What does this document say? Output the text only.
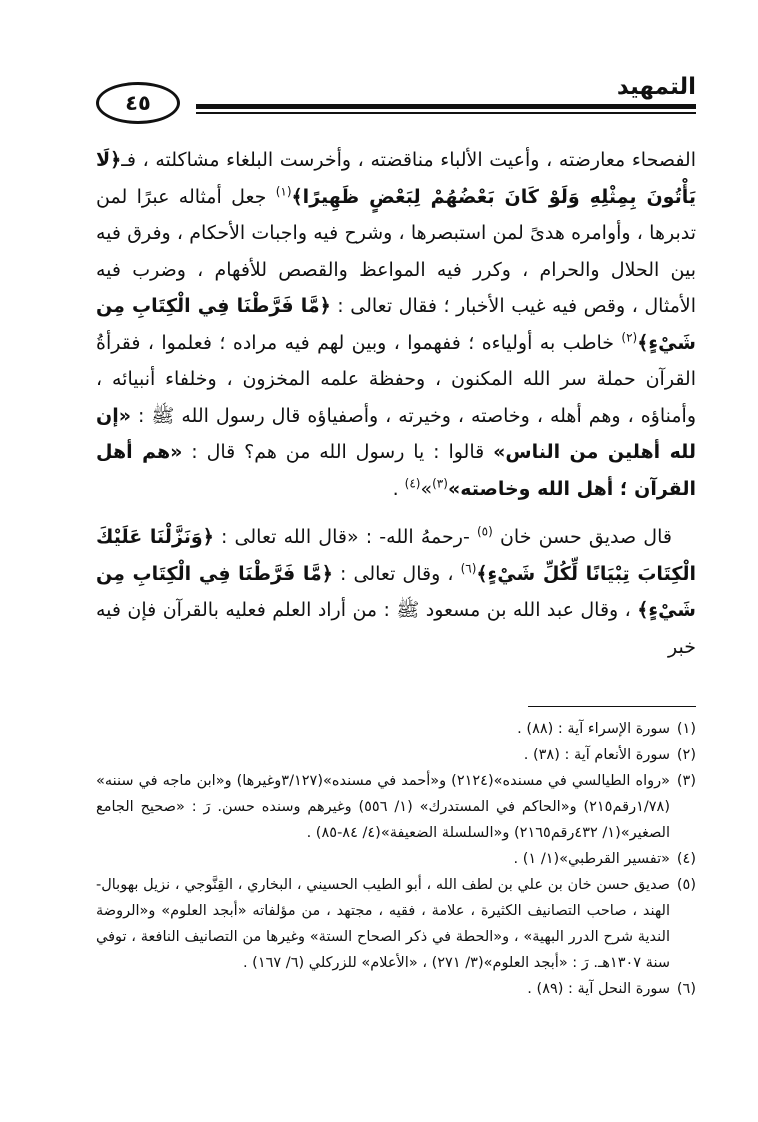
التمهيد
٤٥

الفصحاء معارضته ، وأعيت الألباء مناقضته ، وأخرست البلغاء مشاكلته ، فـ﴿لَا يَأْتُونَ بِمِثْلِهِ وَلَوْ كَانَ بَعْضُهُمْ لِبَعْضٍ ظَهِيرًا﴾$^{(١)}$ جعل أمثاله عبرًا لمن تدبرها ، وأوامره هدىً لمن استبصرها ، وشرح فيه واجبات الأحكام ، وفرق فيه بين الحلال والحرام ، وكرر فيه المواعظ والقصص للأفهام ، وضرب فيه الأمثال ، وقص فيه غيب الأخبار ؛ فقال تعالى : ﴿مَّا فَرَّطْنَا فِي الْكِتَابِ مِن شَيْءٍ﴾$^{(٢)}$ خاطب به أولياءه ؛ ففهموا ، وبين لهم فيه مراده ؛ فعلموا ، فقرأةُ القرآن حملة سر الله المكنون ، وحفظة علمه المخزون ، وخلفاء أنبيائه ، وأمناؤه ، وهم أهله ، وخاصته ، وخيرته ، وأصفياؤه قال رسول الله ﷺ : «إن لله أهلين من الناس» قالوا : يا رسول الله من هم؟ قال : «هم أهل القرآن ؛ أهل الله وخاصته»$^{(٣)}$»$^{(٤)}$ .

قال صديق حسن خان $^{(٥)}$ -رحمهُ الله- : «قال الله تعالى : ﴿وَنَزَّلْنَا عَلَيْكَ الْكِتَابَ تِبْيَانًا لِّكُلِّ شَيْءٍ﴾$^{(٦)}$ ، وقال تعالى : ﴿مَّا فَرَّطْنَا فِي الْكِتَابِ مِن شَيْءٍ﴾ ، وقال عبد الله بن مسعود ﷺ : من أراد العلم فعليه بالقرآن فإن فيه خبر

(١)
سورة الإسراء آية : (٨٨) .

(٢)
سورة الأنعام آية : (٣٨) .

(٣)
«رواه الطيالسي في مسنده»(٢١٢٤) و«أحمد في مسنده»(٣/١٢٧وغيرها) و«ابن ماجه في سننه» (١/٧٨رقم٢١٥) و«الحاكم في المستدرك» (١/ ٥٥٦) وغيرهم وسنده حسن. رَ : «صحيح الجامع الصغير»(١/ ٤٣٢رقم٢١٦٥) و«السلسلة الضعيفة»(٤/ ٨٤-٨٥) .

(٤)
«تفسير القرطبي»(١/ ١) .

(٥)
صديق حسن خان بن علي بن لطف الله ، أبو الطيب الحسيني ، البخاري ، القِنَّوجي ، نزيل بهوبال- الهند ، صاحب التصانيف الكثيرة ، علامة ، فقيه ، مجتهد ، من مؤلفاته «أبجد العلوم» و«الروضة الندية شرح الدرر البهية» ، و«الحطة في ذكر الصحاح الستة» وغيرها من التصانيف النافعة ، توفي سنة ١٣٠٧هـ. رَ : «أبجد العلوم»(٣/ ٢٧١) ، «الأعلام» للزركلي (٦/ ١٦٧) .

(٦)
سورة النحل آية : (٨٩) .
